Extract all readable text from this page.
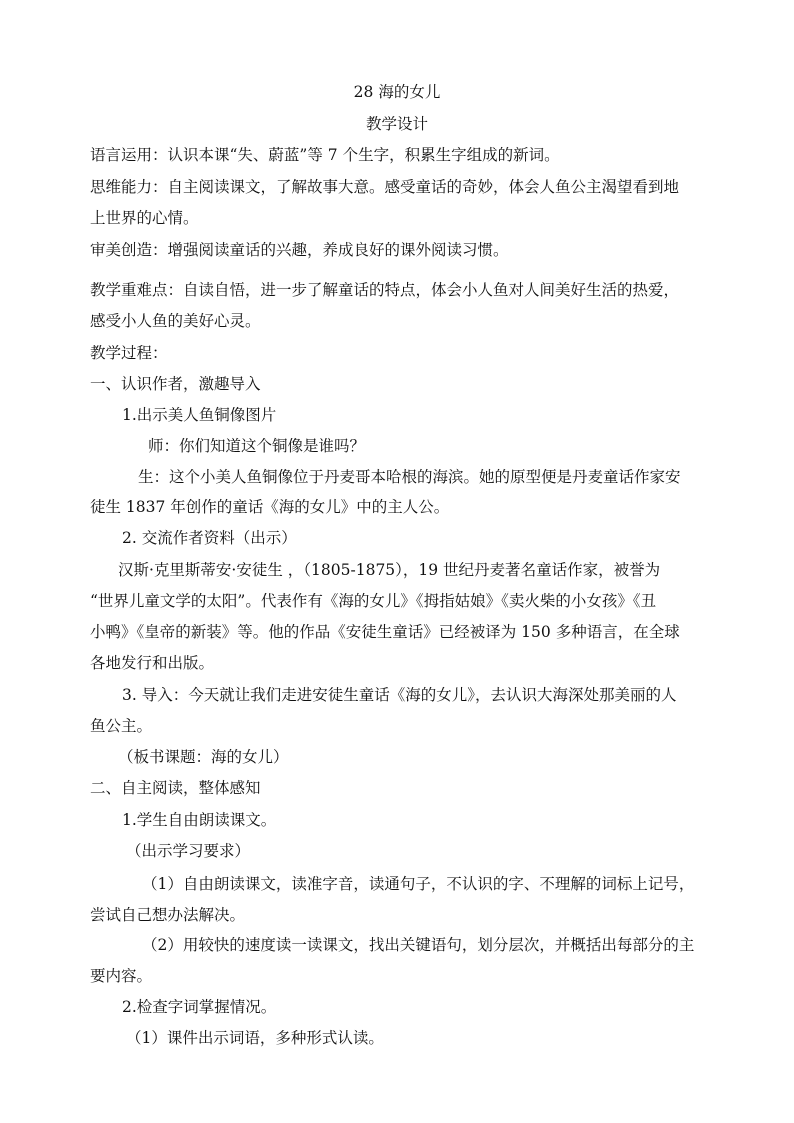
28 海的女儿
教学设计
语言运用：认识本课“失、蔚蓝”等 7 个生字，积累生字组成的新词。
思维能力：自主阅读课文，了解故事大意。感受童话的奇妙，体会人鱼公主渴望看到地
上世界的心情。
审美创造：增强阅读童话的兴趣，养成良好的课外阅读习惯。
教学重难点：自读自悟，进一步了解童话的特点，体会小人鱼对人间美好生活的热爱，
感受小人鱼的美好心灵。
教学过程：
一、认识作者，激趣导入
1.出示美人鱼铜像图片
师：你们知道这个铜像是谁吗？
生：这个小美人鱼铜像位于丹麦哥本哈根的海滨。她的原型便是丹麦童话作家安
徒生 1837 年创作的童话《海的女儿》中的主人公。
2. 交流作者资料（出示）
汉斯·克里斯蒂安·安徒生 ，（1805-1875），19 世纪丹麦著名童话作家，被誉为
“世界儿童文学的太阳”。代表作有《海的女儿》《拇指姑娘》《卖火柴的小女孩》《丑
小鸭》《皇帝的新装》等。他的作品《安徒生童话》已经被译为 150 多种语言，在全球
各地发行和出版。
3. 导入：今天就让我们走进安徒生童话《海的女儿》，去认识大海深处那美丽的人
鱼公主。
（板书课题：海的女儿）
二、自主阅读，整体感知
1.学生自由朗读课文。
（出示学习要求）
（1）自由朗读课文，读准字音，读通句子，不认识的字、不理解的词标上记号，
尝试自己想办法解决。
（2）用较快的速度读一读课文，找出关键语句，划分层次，并概括出每部分的主
要内容。
2.检查字词掌握情况。
（1）课件出示词语，多种形式认读。
